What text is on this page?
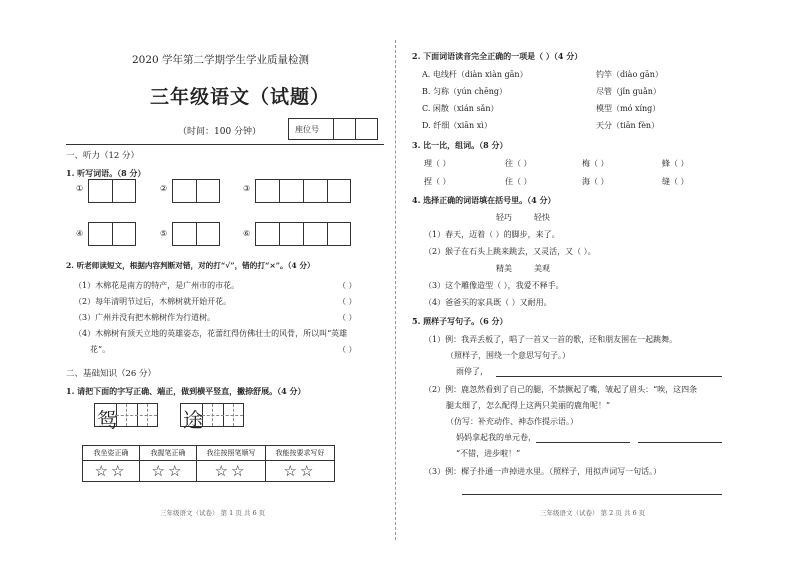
2020 学年第二学期学生学业质量检测
三年级语文（试题）
（时间：100 分钟）	座位号
一、听力（12 分）
1. 听写词语。（8 分）
①	②	③
④	⑤	⑥
2. 听老师读短文，根据内容判断对错，对的打“√”，错的打“×”。（4 分）
（1）木棉花是南方的特产，是广州市的市花。	（ ）
（2）每年清明节过后，木棉树就开始开花。	（ ）
（3）广州并没有把木棉树作为行道树。	（ ）
（4）木棉树有顶天立地的英雄姿态，花蕾红得仿佛壮士的风骨，所以叫“英雄
花”。	（ ）
二、基础知识（26 分）
1. 请把下面的字写正确、端正，做到横平竖直，撇捺舒展。（4 分）
鸳	途
我坐姿正确	我握笔正确	我往按照笔顺写	我能按要求写好
☆☆	☆☆	☆☆	☆☆
三年级语文（试卷） 第 1 页 共 6 页
2. 下面词语读音完全正确的一项是（ ）（4 分）
A. 电线杆（diàn xiàn gān）	钓竿（diào gān）
B. 匀称（yún chēng）	尽管（jǐn guǎn）
C. 闲散（xián sǎn）	模型（mó xíng）
D. 纤细（xiān xì）	天分（tiān fèn）
3. 比一比，组词。（8 分）
理（ ）	往（ ）	梅（ ）	蜂（ ）
捏（ ）	住（ ）	海（ ）	缝（ ）
4. 选择正确的词语填在括号里。（4 分）
轻巧	轻快
（1）春天，迈着（ ）的脚步，来了。
（2）猴子在石头上跳来跳去，又灵活，又（ ）。
精美	美观
（3）这个雕像造型（ ），我爱不释手。
（4）爸爸买的家具既（ ）又耐用。
5. 照样子写句子。（6 分）
（1）例：我弄丢板了，唱了一首又一首的歌，还和朋友围在一起跳舞。
（照样子，围绕一个意思写句子。）
雨停了，
（2）例：鹿忽然看到了自己的腿，不禁撅起了嘴，皱起了眉头：“唉，这四条
腿太细了，怎么配得上这两只美丽的鹿角呢！”
（仿写：补充动作、神态作提示语。）
妈妈拿起我的单元卷，
“不错，进步啦！”
（3）例：樨子扑通一声掉进水里。（照样子，用拟声词写一句话。）
三年级语文（试卷） 第 2 页 共 6 页
